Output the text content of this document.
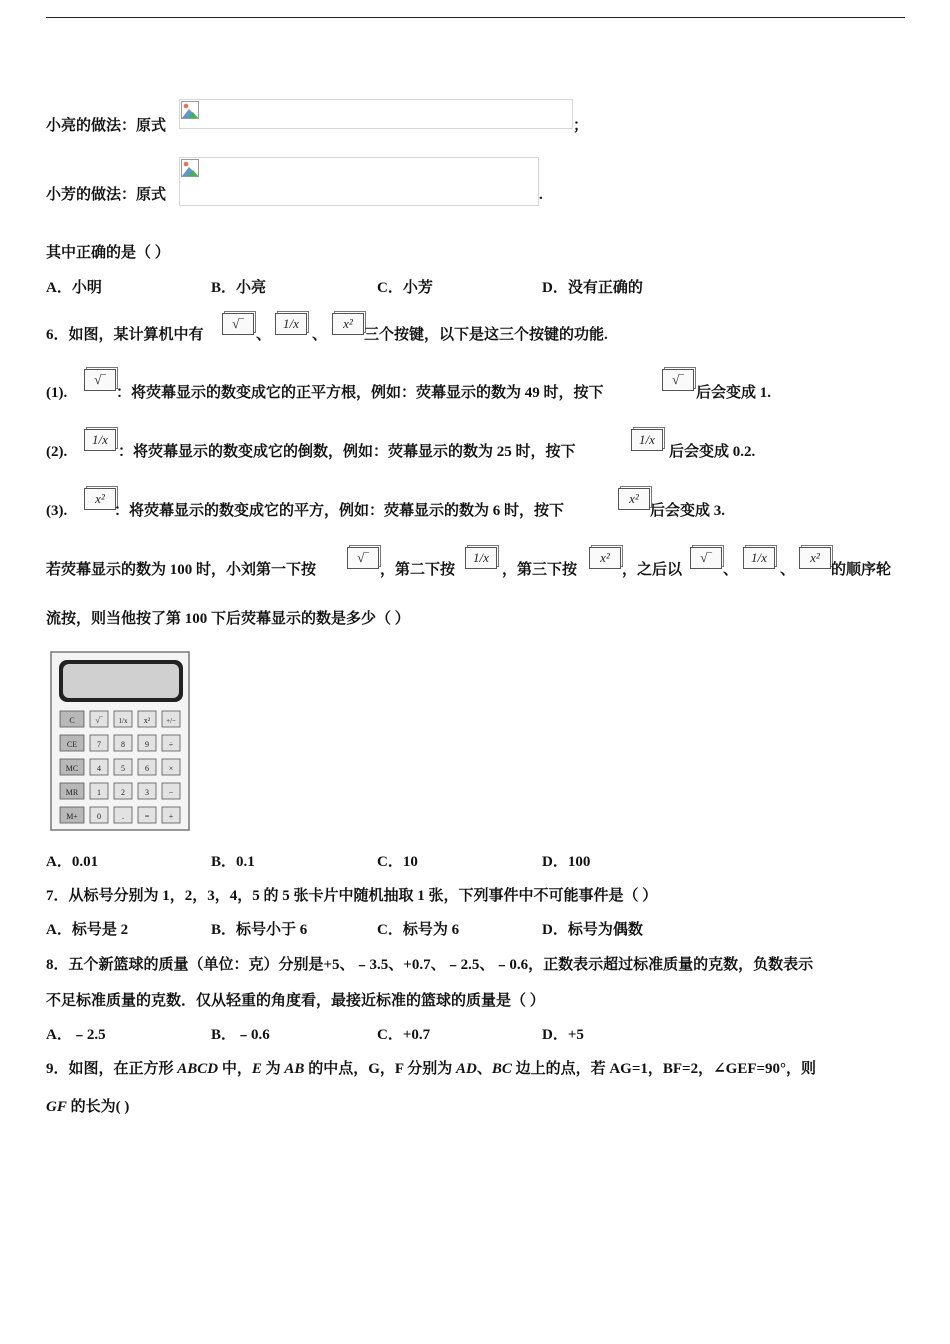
小亮的做法：原式	；
小芳的做法：原式	.
其中正确的是（ ）
A．小明	B．小亮	C．小芳	D．没有正确的
6．如图，某计算机中有
√‾
、
1/x
、
x²
三个按键，以下是这三个按键的功能.
(1).
√‾
：将荧幕显示的数变成它的正平方根，例如：荧幕显示的数为 49 时，按下
√‾
后会变成 1.
(2).
1/x
：将荧幕显示的数变成它的倒数，例如：荧幕显示的数为 25 时，按下
1/x
后会变成 0.2.
(3).
x²
：将荧幕显示的数变成它的平方，例如：荧幕显示的数为 6 时，按下
x²
后会变成 3.
若荧幕显示的数为 100 时，小刘第一下按
√‾
，第二下按
1/x
，第三下按
x²
，之后以
√‾
、
1/x
、
x²
的顺序轮
流按，则当他按了第 100 下后荧幕显示的数是多少（ ）
C	√‾ 1/x x² +/−
CE 7	8	9 ÷
MC 4	5	6 ×
MR 1	2	3 −
M+ 0	.	= +
A．0.01	B．0.1	C．10	D．100
7．从标号分别为 1，2，3，4，5 的 5 张卡片中随机抽取 1 张，下列事件中不可能事件是（ ）
A．标号是 2	B．标号小于 6	C．标号为 6	D．标号为偶数
8．五个新篮球的质量（单位：克）分别是+5、﹣3.5、+0.7、﹣2.5、﹣0.6，正数表示超过标准质量的克数，负数表示
不足标准质量的克数．仅从轻重的角度看，最接近标准的篮球的质量是（ ）
A．﹣2.5	B．﹣0.6	C．+0.7	D．+5
9．如图，在正方形 ABCD 中，E 为 AB 的中点，G，F 分别为 AD、BC 边上的点，若 AG=1，BF=2，∠GEF=90°，则
GF 的长为( )
